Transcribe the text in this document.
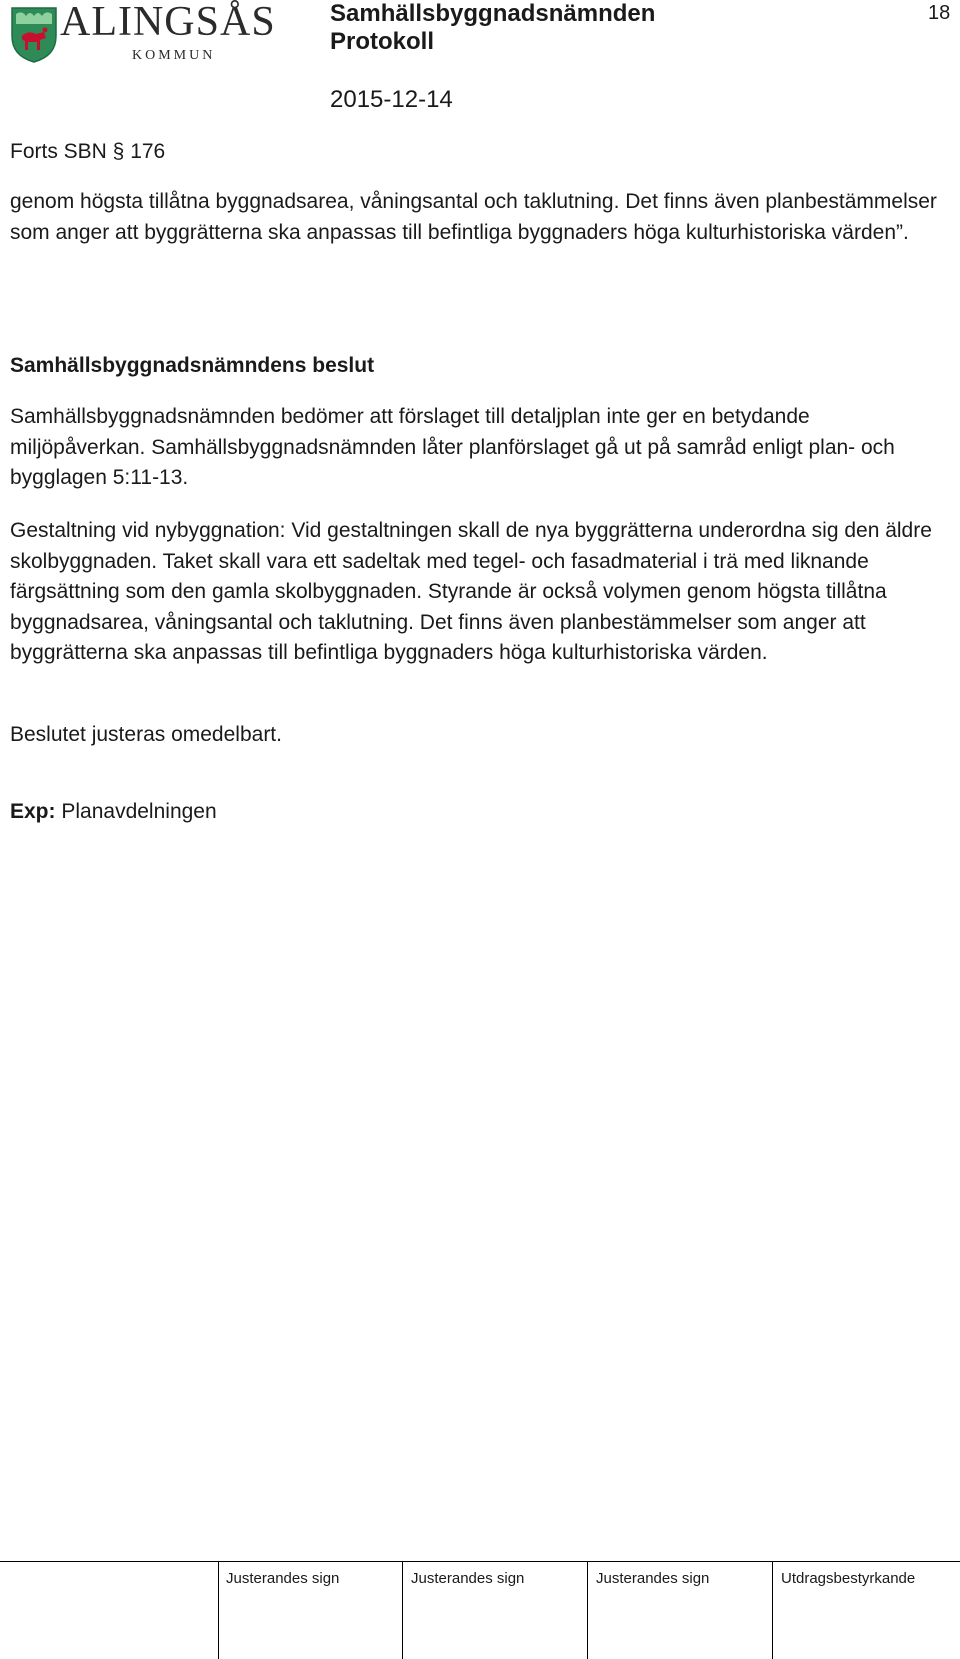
ALINGSÅS
KOMMUN
Samhällsbyggnadsnämnden
Protokoll
2015-12-14
18
Forts SBN § 176

genom högsta tillåtna byggnadsarea, våningsantal och taklutning. Det finns även planbestämmelser som anger att byggrätterna ska anpassas till befintliga byggnaders höga kulturhistoriska värden”.

Samhällsbyggnadsnämndens beslut

Samhällsbyggnadsnämnden bedömer att förslaget till detaljplan inte ger en betydande miljöpåverkan. Samhällsbyggnadsnämnden låter planförslaget gå ut på samråd enligt plan- och bygglagen 5:11-13.

Gestaltning vid nybyggnation: Vid gestaltningen skall de nya byggrätterna underordna sig den äldre skolbyggnaden. Taket skall vara ett sadeltak med tegel- och fasadmaterial i trä med liknande färgsättning som den gamla skolbyggnaden. Styrande är också volymen genom högsta tillåtna byggnadsarea, våningsantal och taklutning. Det finns även planbestämmelser som anger att byggrätterna ska anpassas till befintliga byggnaders höga kulturhistoriska värden.

Beslutet justeras omedelbart.
Exp: Planavdelningen
Justerandes sign	Justerandes sign	Justerandes sign	Utdragsbestyrkande
